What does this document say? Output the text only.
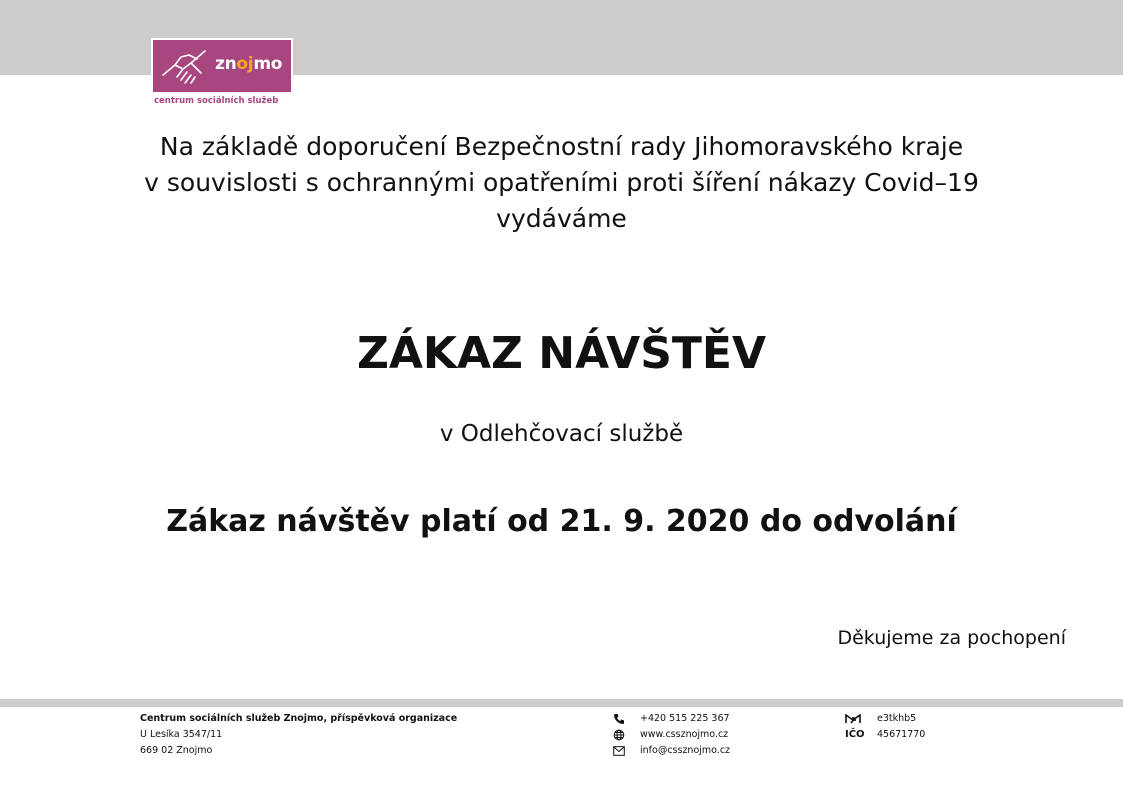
znojmo
centrum sociálních služeb
Na základě doporučení Bezpečnostní rady Jihomoravského kraje
v souvislosti s ochrannými opatřeními proti šíření nákazy Covid–19
vydáváme
ZÁKAZ NÁVŠTĚV
v Odlehčovací službě
Zákaz návštěv platí od 21. 9. 2020 do odvolání
Děkujeme za pochopení
Centrum sociálních služeb Znojmo, příspěvková organizace
U Lesíka 3547/11
669 02 Znojmo
+420 515 225 367
www.cssznojmo.cz
info@cssznojmo.cz
e3tkhb5
IČO 45671770
